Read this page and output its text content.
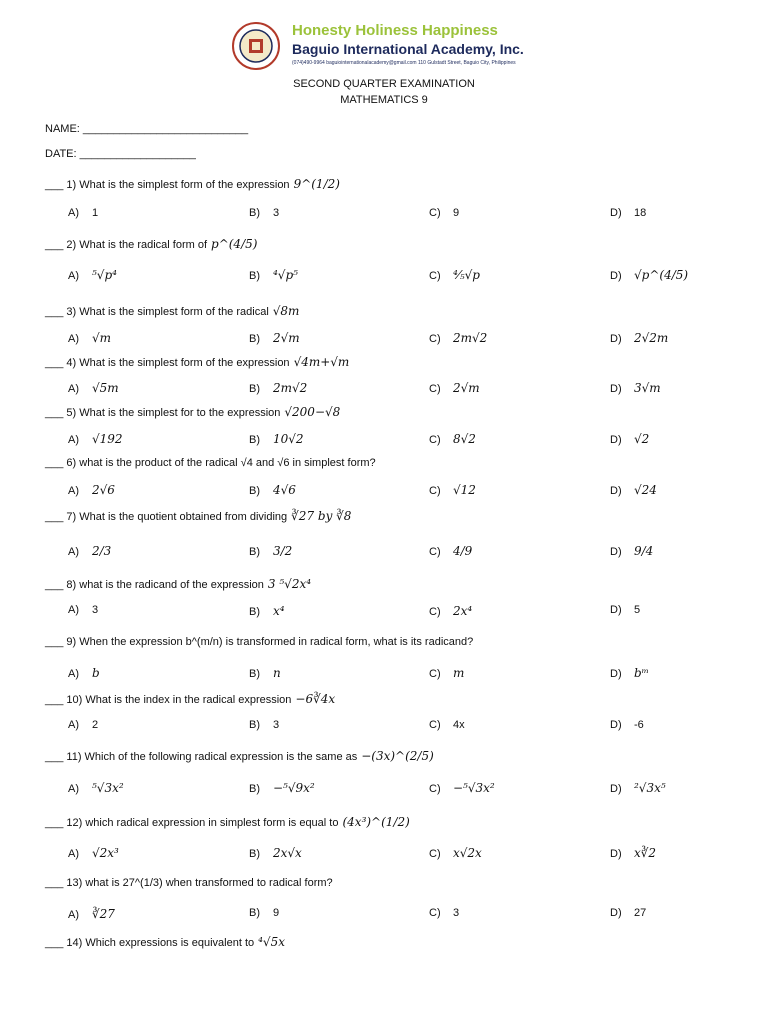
Honesty Holiness Happiness
Baguio International Academy, Inc.
(074)490-9964 baguiointernationalacademy@gmail.com 110 Gulstadt Street, Baguio City, Philippines
SECOND QUARTER EXAMINATION
MATHEMATICS 9
NAME: ___________________________
DATE: ___________________
___ 1) What is the simplest form of the expression 9^(1/2)
A) 1	B) 3	C) 9	D) 18
___ 2) What is the radical form of p^(4/5)
A) ⁵√p⁴	B) ⁴√p⁵	C) ⁴⁄₅√p	D) √p^(4/5)
___ 3) What is the simplest form of the radical √8m
A) √m	B) 2√m	C) 2m√2	D) 2√2m
___ 4) What is the simplest form of the expression √4m+√m
A) √5m	B) 2m√2	C) 2√m	D) 3√m
___ 5) What is the simplest for to the expression √200−√8
A) √192	B) 10√2	C) 8√2	D) √2
___ 6) what is the product of the radical √4 and √6 in simplest form?
A) 2√6	B) 4√6	C) √12	D) √24
___ 7) What is the quotient obtained from dividing ∛27 by ∛8
A) 2/3	B) 3/2	C) 4/9	D) 9/4
___ 8) what is the radicand of the expression 3 ⁵√2x⁴
A) 3	B) x⁴	C) 2x⁴	D) 5
___ 9) When the expression b^(m/n) is transformed in radical form, what is its radicand?
A) b	B) n	C) m	D) bᵐ
___ 10) What is the index in the radical expression −6∛4x
A) 2	B) 3	C) 4x	D) -6
___ 11) Which of the following radical expression is the same as −(3x)^(2/5)
A) ⁵√3x²	B) −⁵√9x²	C) −⁵√3x²	D) ²√3x⁵
___ 12) which radical expression in simplest form is equal to (4x³)^(1/2)
A) √2x³	B) 2x√x	C) x√2x	D) x∛2
___ 13) what is 27^(1/3) when transformed to radical form?
A) ∛27	B) 9	C) 3	D) 27
___ 14) Which expressions is equivalent to ⁴√5x
